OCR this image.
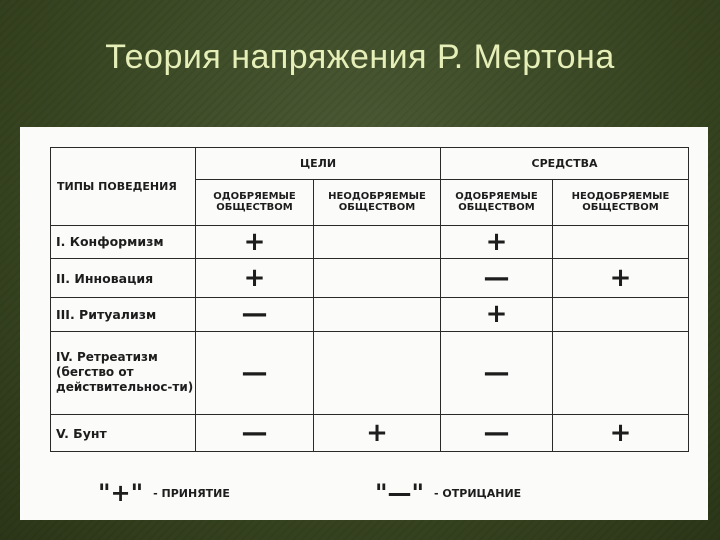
Теория напряжения Р. Мертона
ТИПЫ ПОВЕДЕНИЯ	ЦЕЛИ		СРЕДСТВА	
	ОДОБРЯЕМЫЕ ОБЩЕСТВОМ	НЕОДОБРЯЕМЫЕ ОБЩЕСТВОМ	ОДОБРЯЕМЫЕ ОБЩЕСТВОМ	НЕОДОБРЯЕМЫЕ ОБЩЕСТВОМ
I. Конформизм	+		+	
II. Инновация	+		—	+
III. Ритуализм	—		+	
IV. Ретреатизм (бегство от действительнос-ти)	—		—	
V. Бунт	—	+	—	+
"+" - ПРИНЯТИЕ	"—" - ОТРИЦАНИЕ
